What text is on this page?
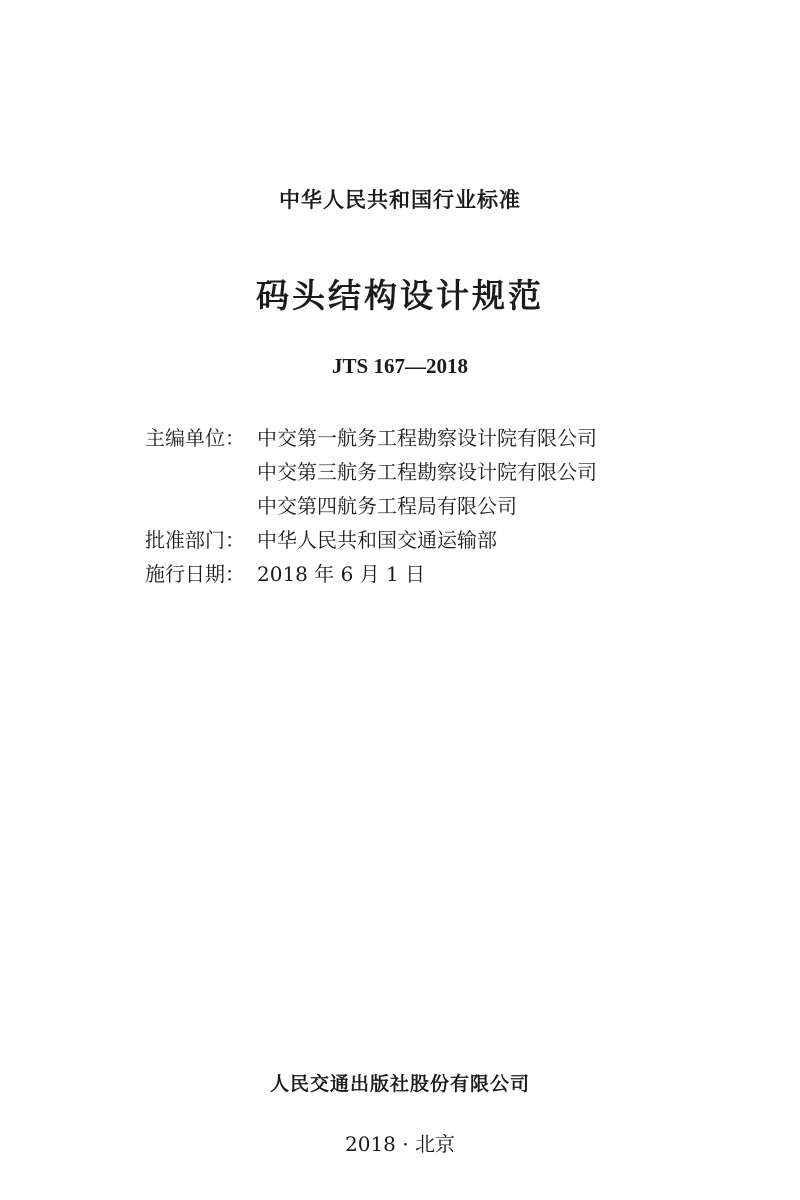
中华人民共和国行业标准
码头结构设计规范
JTS 167—2018
主编单位： 中交第一航务工程勘察设计院有限公司
中交第三航务工程勘察设计院有限公司
中交第四航务工程局有限公司
批准部门： 中华人民共和国交通运输部
施行日期： 2018 年 6 月 1 日
人民交通出版社股份有限公司
2018 · 北京
